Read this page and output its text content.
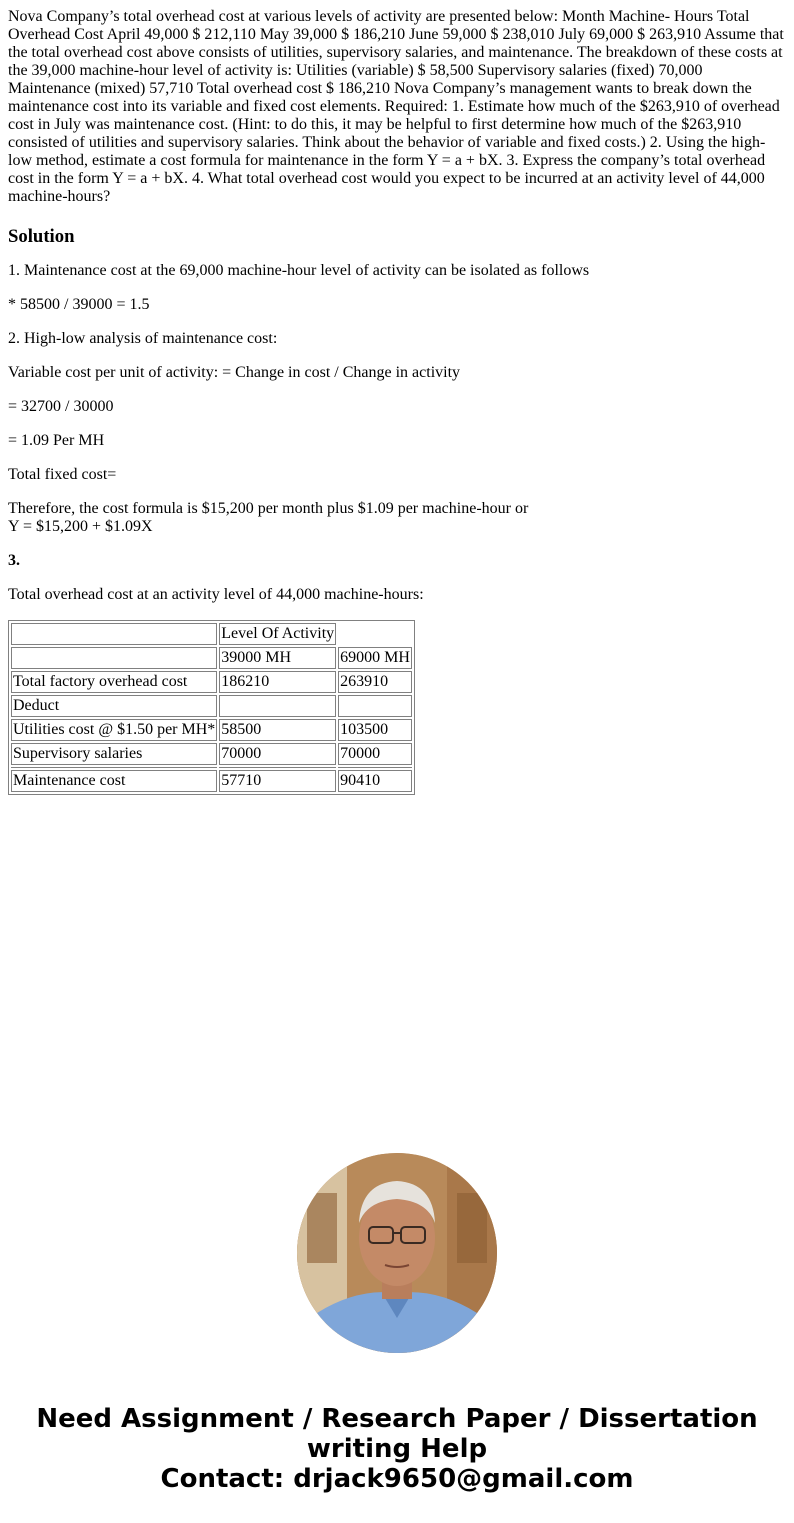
Nova Company’s total overhead cost at various levels of activity are presented below: Month Machine- Hours Total Overhead Cost April 49,000 $ 212,110 May 39,000 $ 186,210 June 59,000 $ 238,010 July 69,000 $ 263,910 Assume that the total overhead cost above consists of utilities, supervisory salaries, and maintenance. The breakdown of these costs at the 39,000 machine-hour level of activity is: Utilities (variable) $ 58,500 Supervisory salaries (fixed) 70,000 Maintenance (mixed) 57,710 Total overhead cost $ 186,210 Nova Company’s management wants to break down the maintenance cost into its variable and fixed cost elements. Required: 1. Estimate how much of the $263,910 of overhead cost in July was maintenance cost. (Hint: to do this, it may be helpful to first determine how much of the $263,910 consisted of utilities and supervisory salaries. Think about the behavior of variable and fixed costs.) 2. Using the high-low method, estimate a cost formula for maintenance in the form Y = a + bX. 3. Express the company’s total overhead cost in the form Y = a + bX. 4. What total overhead cost would you expect to be incurred at an activity level of 44,000 machine-hours?

Solution

1. Maintenance cost at the 69,000 machine-hour level of activity can be isolated as follows

* 58500 / 39000 = 1.5

2. High-low analysis of maintenance cost:

Variable cost per unit of activity: = Change in cost / Change in activity

= 32700 / 30000

= 1.09 Per MH

Total fixed cost=

Therefore, the cost formula is $15,200 per month plus $1.09 per machine-hour or
Y = $15,200 + $1.09X

3.

Total overhead cost at an activity level of 44,000 machine-hours:

	Level Of Activity	
	39000 MH	69000 MH
Total factory overhead cost	186210	263910
Deduct		
Utilities cost @ $1.50 per MH*	58500	103500
Supervisory salaries	70000	70000

Maintenance cost	57710	90410
Need Assignment / Research Paper / Dissertation
writing Help
Contact: drjack9650@gmail.com
